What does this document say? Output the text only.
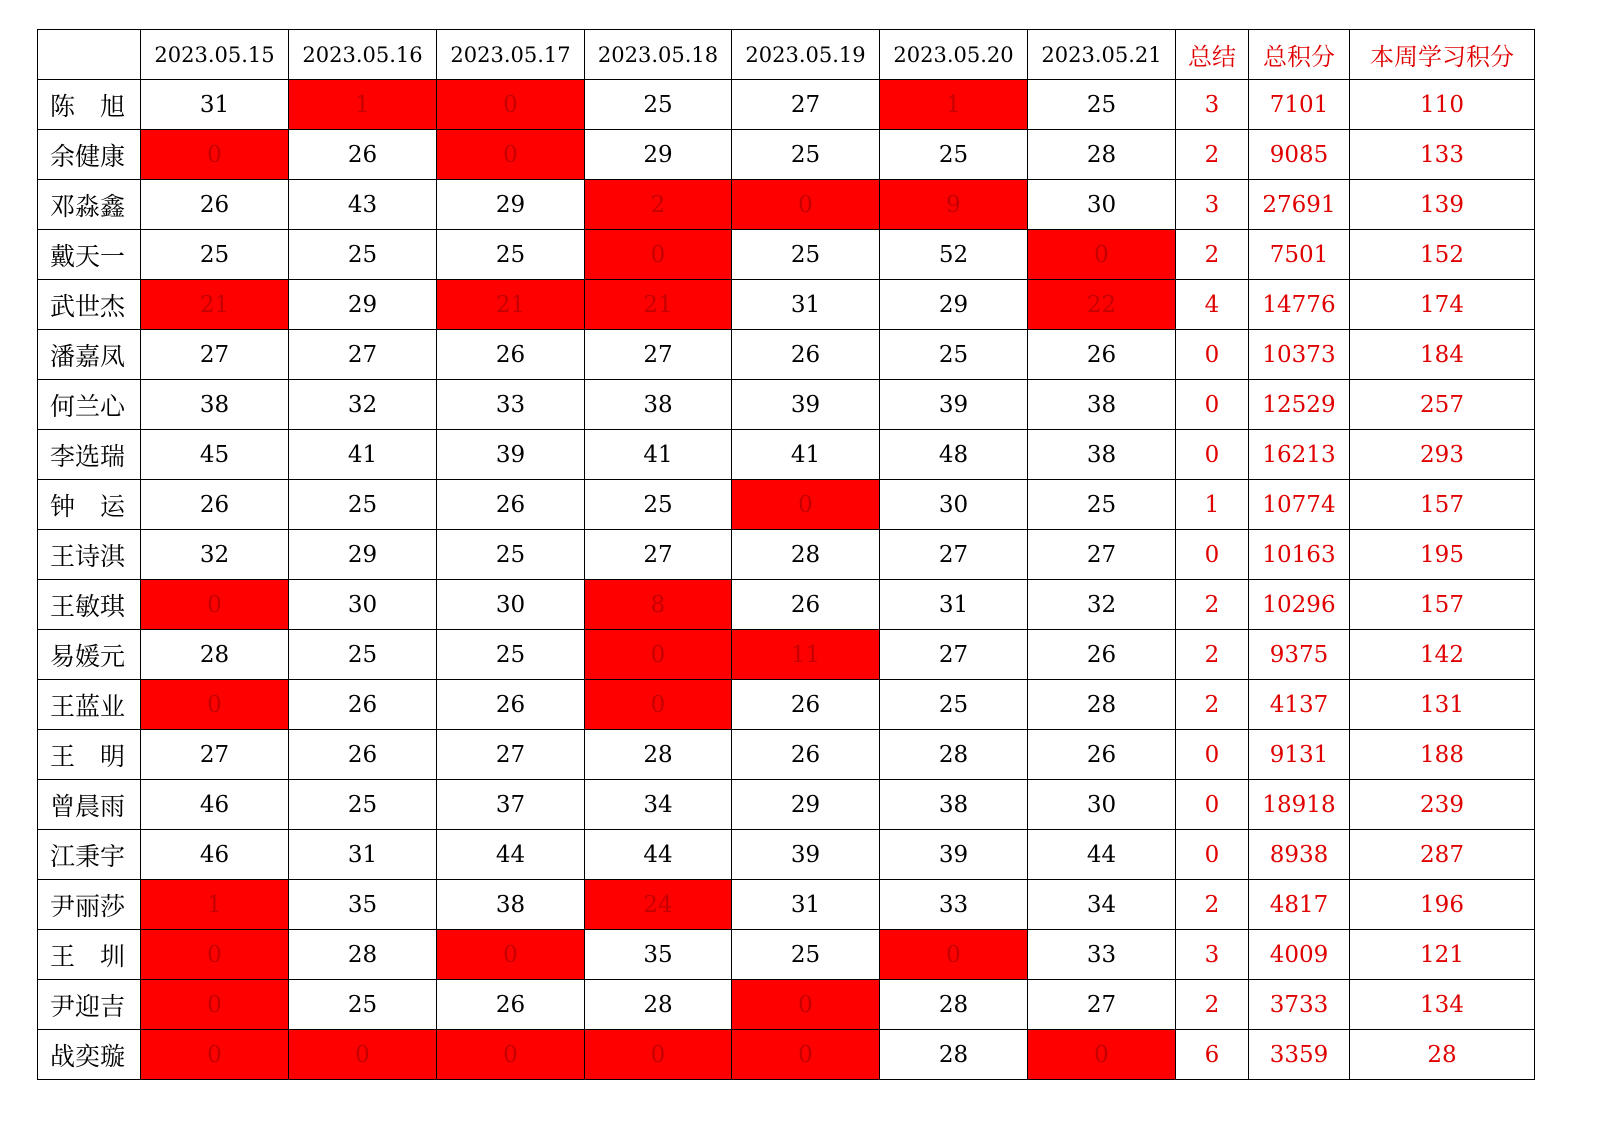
	2023.05.15	2023.05.16	2023.05.17	2023.05.18	2023.05.19	2023.05.20	2023.05.21	总结	总积分	本周学习积分
陈　旭	31	1	0	25	27	1	25	3	7101	110
余健康	0	26	0	29	25	25	28	2	9085	133
邓淼鑫	26	43	29	2	0	9	30	3	27691	139
戴天一	25	25	25	0	25	52	0	2	7501	152
武世杰	21	29	21	21	31	29	22	4	14776	174
潘嘉凤	27	27	26	27	26	25	26	0	10373	184
何兰心	38	32	33	38	39	39	38	0	12529	257
李选瑞	45	41	39	41	41	48	38	0	16213	293
钟　运	26	25	26	25	0	30	25	1	10774	157
王诗淇	32	29	25	27	28	27	27	0	10163	195
王敏琪	0	30	30	8	26	31	32	2	10296	157
易媛元	28	25	25	0	11	27	26	2	9375	142
王蓝业	0	26	26	0	26	25	28	2	4137	131
王　明	27	26	27	28	26	28	26	0	9131	188
曾晨雨	46	25	37	34	29	38	30	0	18918	239
江秉宇	46	31	44	44	39	39	44	0	8938	287
尹丽莎	1	35	38	24	31	33	34	2	4817	196
王　圳	0	28	0	35	25	0	33	3	4009	121
尹迎吉	0	25	26	28	0	28	27	2	3733	134
战奕璇	0	0	0	0	0	28	0	6	3359	28
